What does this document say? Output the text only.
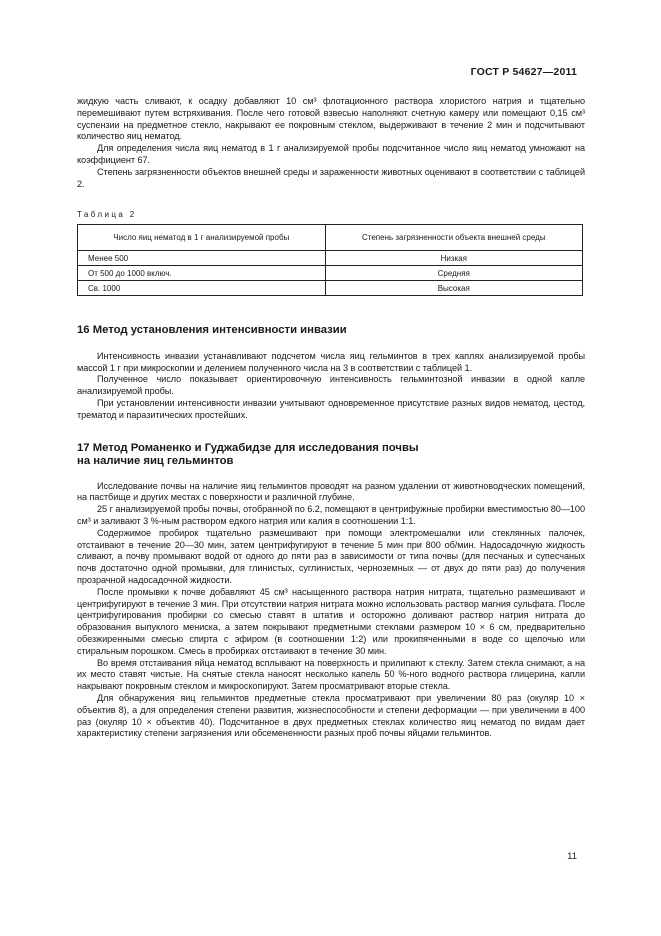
ГОСТ Р 54627—2011

жидкую часть сливают, к осадку добавляют 10 см³ флотационного раствора хлористого натрия и тщательно перемешивают путем встряхивания. После чего готовой взвесью наполняют счетную камеру или помещают 0,15 см³ суспензии на предметное стекло, накрывают ее покровным стеклом, выдерживают в течение 2 мин и подсчитывают количество яиц нематод.

Для определения числа яиц нематод в 1 г анализируемой пробы подсчитанное число яиц нематод умножают на коэффициент 67.

Степень загрязненности объектов внешней среды и зараженности животных оценивают в соответствии с таблицей 2.

Таблица 2
Число яиц нематод в 1 г анализируемой пробы	Степень загрязненности объекта внешней среды
Менее 500	Низкая
От 500 до 1000 включ.	Средняя
Св. 1000	Высокая
16 Метод установления интенсивности инвазии

Интенсивность инвазии устанавливают подсчетом числа яиц гельминтов в трех каплях анализируемой пробы массой 1 г при микроскопии и делением полученного числа на 3 в соответствии с таблицей 1.

Полученное число показывает ориентировочную интенсивность гельминтозной инвазии в одной капле анализируемой пробы.

При установлении интенсивности инвазии учитывают одновременное присутствие разных видов нематод, цестод, трематод и паразитических простейших.

17 Метод Романенко и Гуджабидзе для исследования почвы
на наличие яиц гельминтов

Исследование почвы на наличие яиц гельминтов проводят на разном удалении от животноводческих помещений, на пастбище и других местах с поверхности и различной глубине.

25 г анализируемой пробы почвы, отобранной по 6.2, помещают в центрифужные пробирки вместимостью 80—100 см³ и заливают 3 %-ным раствором едкого натрия или калия в соотношении 1:1.

Содержимое пробирок тщательно размешивают при помощи электромешалки или стеклянных палочек, отстаивают в течение 20—30 мин, затем центрифугируют в течение 5 мин при 800 об/мин. Надосадочную жидкость сливают, а почву промывают водой от одного до пяти раз в зависимости от типа почвы (для песчаных и супесчаных почв достаточно одной промывки, для глинистых, суглинистых, черноземных — от двух до пяти раз) до получения прозрачной надосадочной жидкости.

После промывки к почве добавляют 45 см³ насыщенного раствора натрия нитрата, тщательно размешивают и центрифугируют в течение 3 мин. При отсутствии натрия нитрата можно использовать раствор магния сульфата. После центрифугирования пробирки со смесью ставят в штатив и осторожно доливают раствор натрия нитрата до образования выпуклого мениска, а затем покрывают предметными стеклами размером 10 × 6 см, предварительно обезжиренными смесью спирта с эфиром (в соотношении 1:2) или прокипяченными в воде со щелочью или стиральным порошком. Смесь в пробирках отстаивают в течение 30 мин.

Во время отстаивания яйца нематод всплывают на поверхность и прилипают к стеклу. Затем стекла снимают, а на их место ставят чистые. На снятые стекла наносят несколько капель 50 %-ного водного раствора глицерина, капли накрывают покровным стеклом и микроскопируют. Затем просматривают вторые стекла.

Для обнаружения яиц гельминтов предметные стекла просматривают при увеличении 80 раз (окуляр 10 × объектив 8), а для определения степени развития, жизнеспособности и степени деформации — при увеличении в 400 раз (окуляр 10 × объектив 40). Подсчитанное в двух предметных стеклах количество яиц нематод по видам дает характеристику степени загрязнения или обсемененности разных проб почвы яйцами гельминтов.

11
